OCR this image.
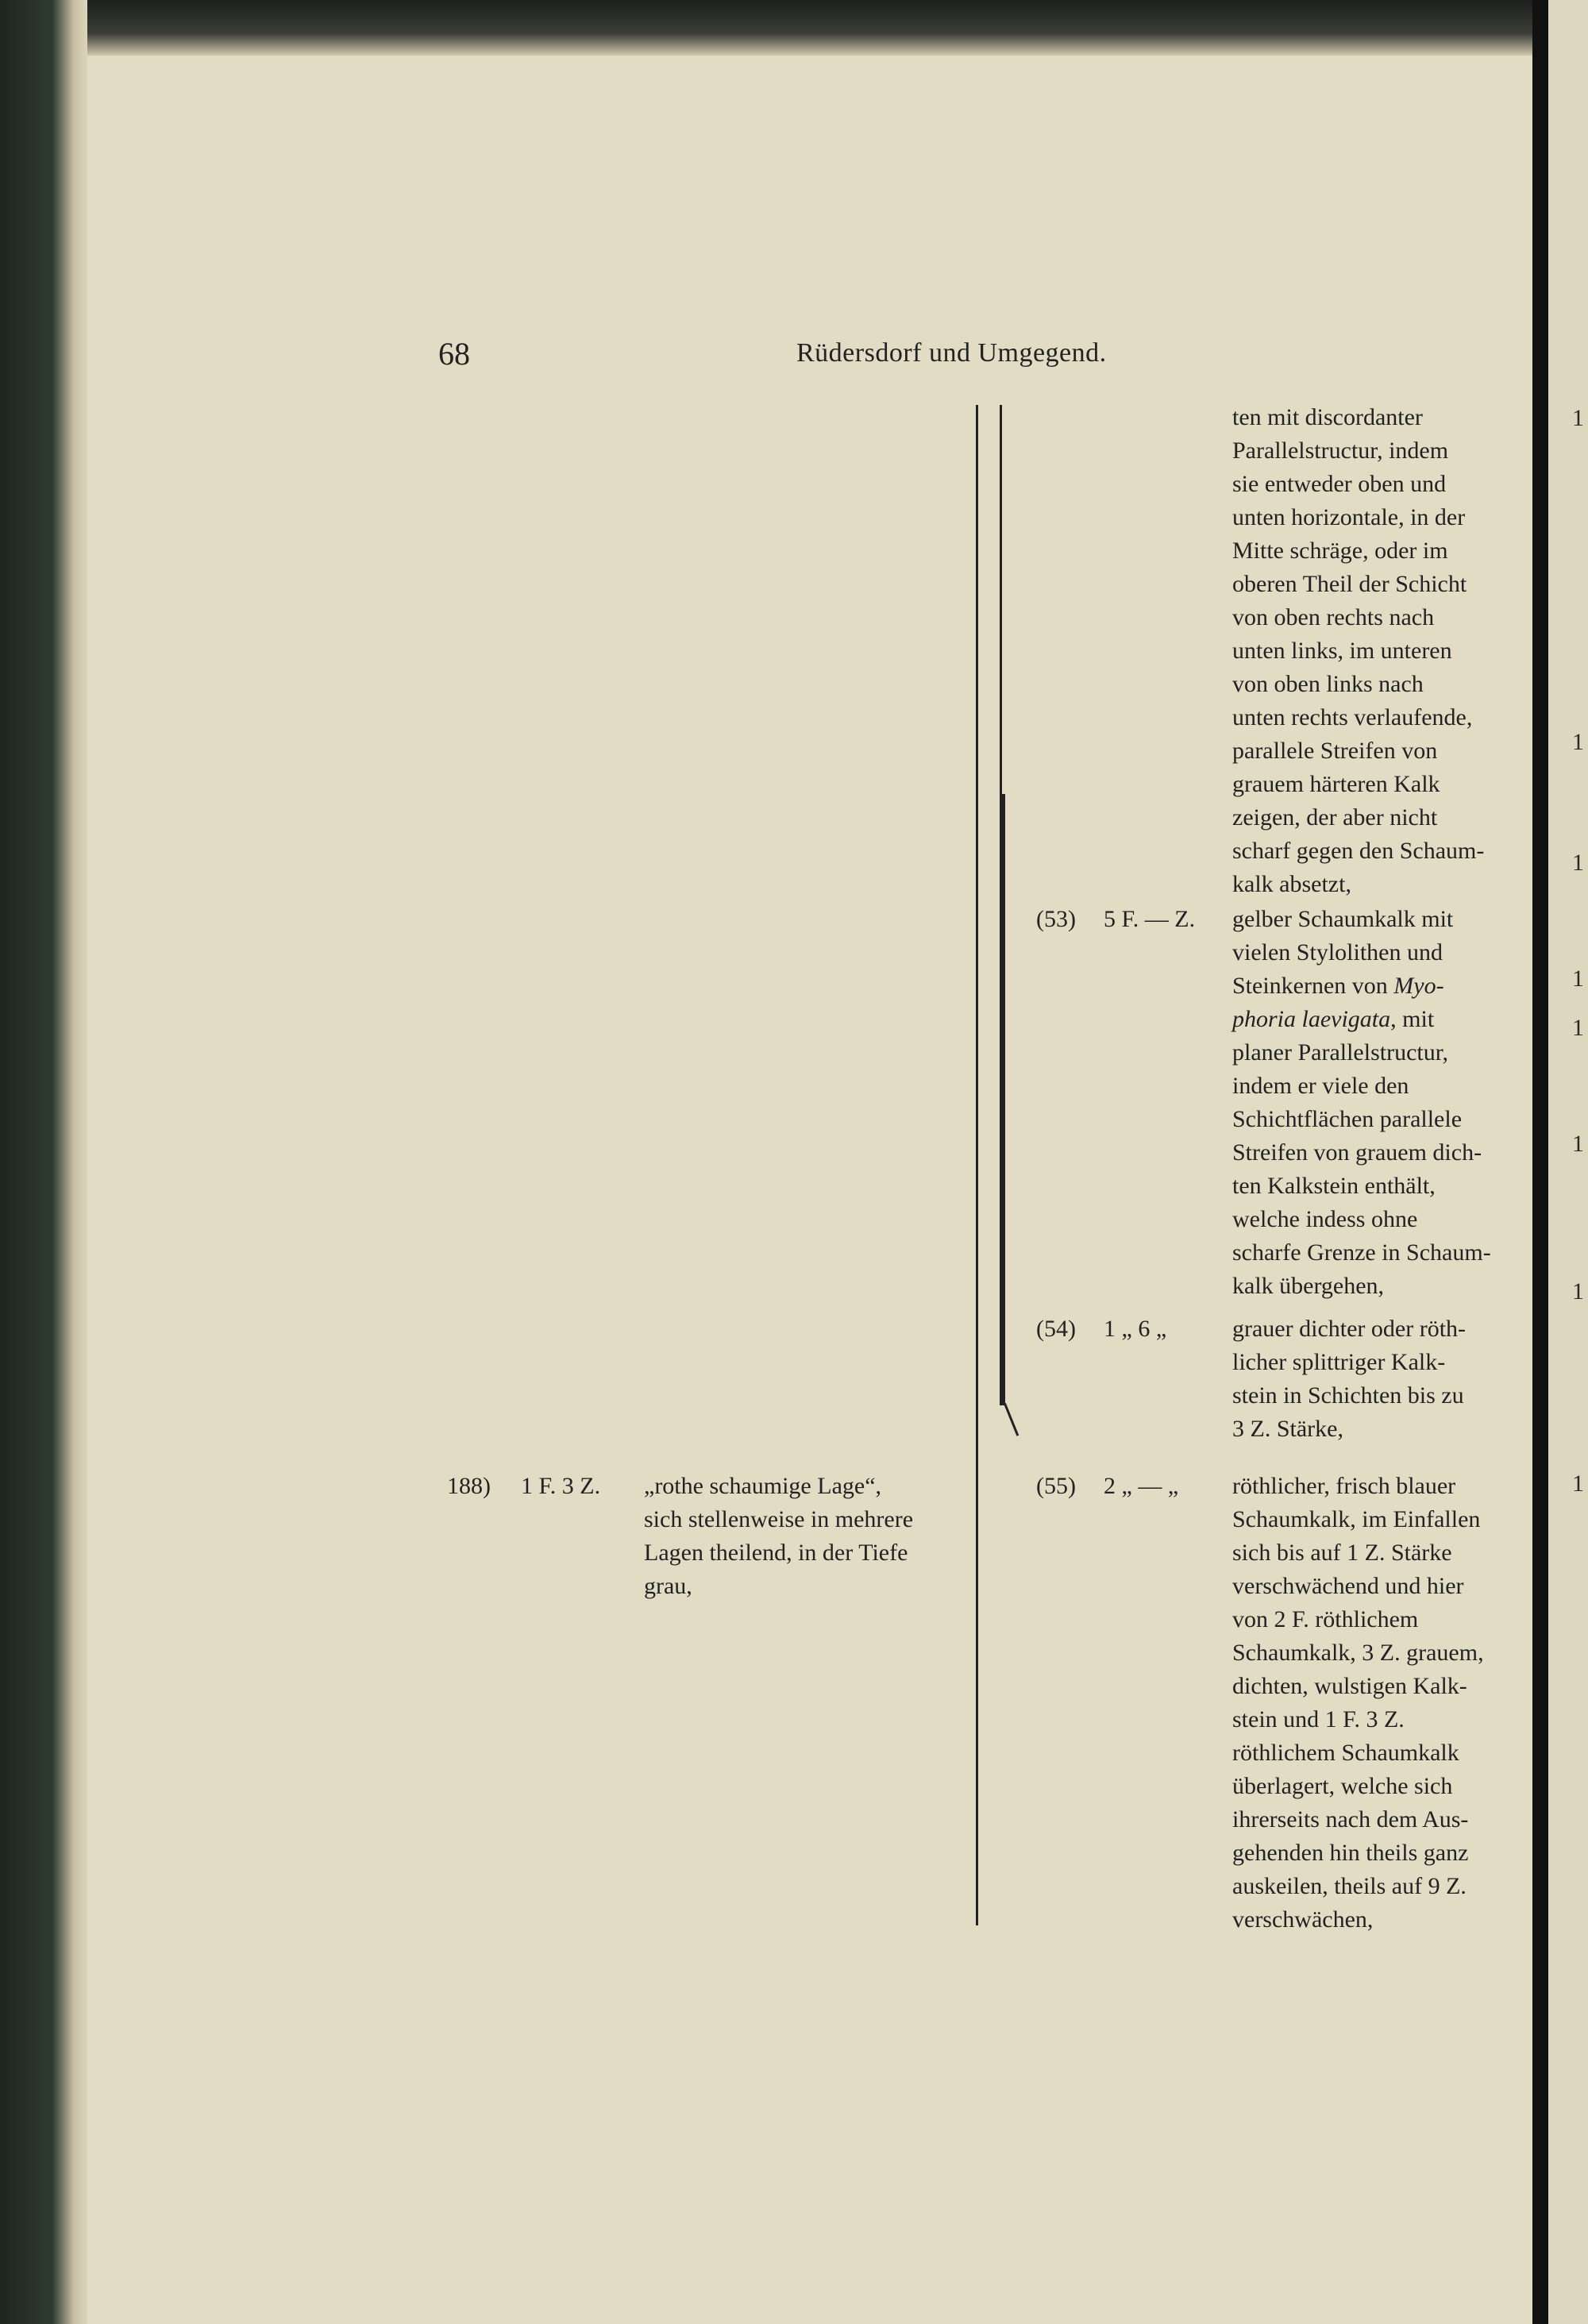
1
1
1
1
1
1
1
1
68	Rüdersdorf und Umgegend.

ten mit discordanter

Parallelstructur, indem

sie entweder oben und

unten horizontale, in der

Mitte schräge, oder im

oberen Theil der Schicht

von oben rechts nach

unten links, im unteren

von oben links nach

unten rechts verlaufende,

parallele Streifen von

grauem härteren Kalk

zeigen, der aber nicht

scharf gegen den Schaum-

kalk absetzt,

(53) 5 F. — Z. gelber Schaumkalk mit

vielen Stylolithen und

Steinkernen von Myo-

phoria laevigata, mit

planer Parallelstructur,

indem er viele den

Schichtflächen parallele

Streifen von grauem dich-

ten Kalkstein enthält,

welche indess ohne

scharfe Grenze in Schaum-

kalk übergehen,

(54) 1 „ 6 „	grauer dichter oder röth-

licher splittriger Kalk-

stein in Schichten bis zu

3 Z. Stärke,

188) 1 F. 3 Z. „rothe schaumige Lage“,

sich stellenweise in mehrere

Lagen theilend, in der Tiefe

grau,

(55) 2 „ — „ röthlicher, frisch blauer

Schaumkalk, im Einfallen

sich bis auf 1 Z. Stärke

verschwächend und hier

von 2 F. röthlichem

Schaumkalk, 3 Z. grauem,

dichten, wulstigen Kalk-

stein und 1 F. 3 Z.

röthlichem Schaumkalk

überlagert, welche sich

ihrerseits nach dem Aus-

gehenden hin theils ganz

auskeilen, theils auf 9 Z.

verschwächen,
